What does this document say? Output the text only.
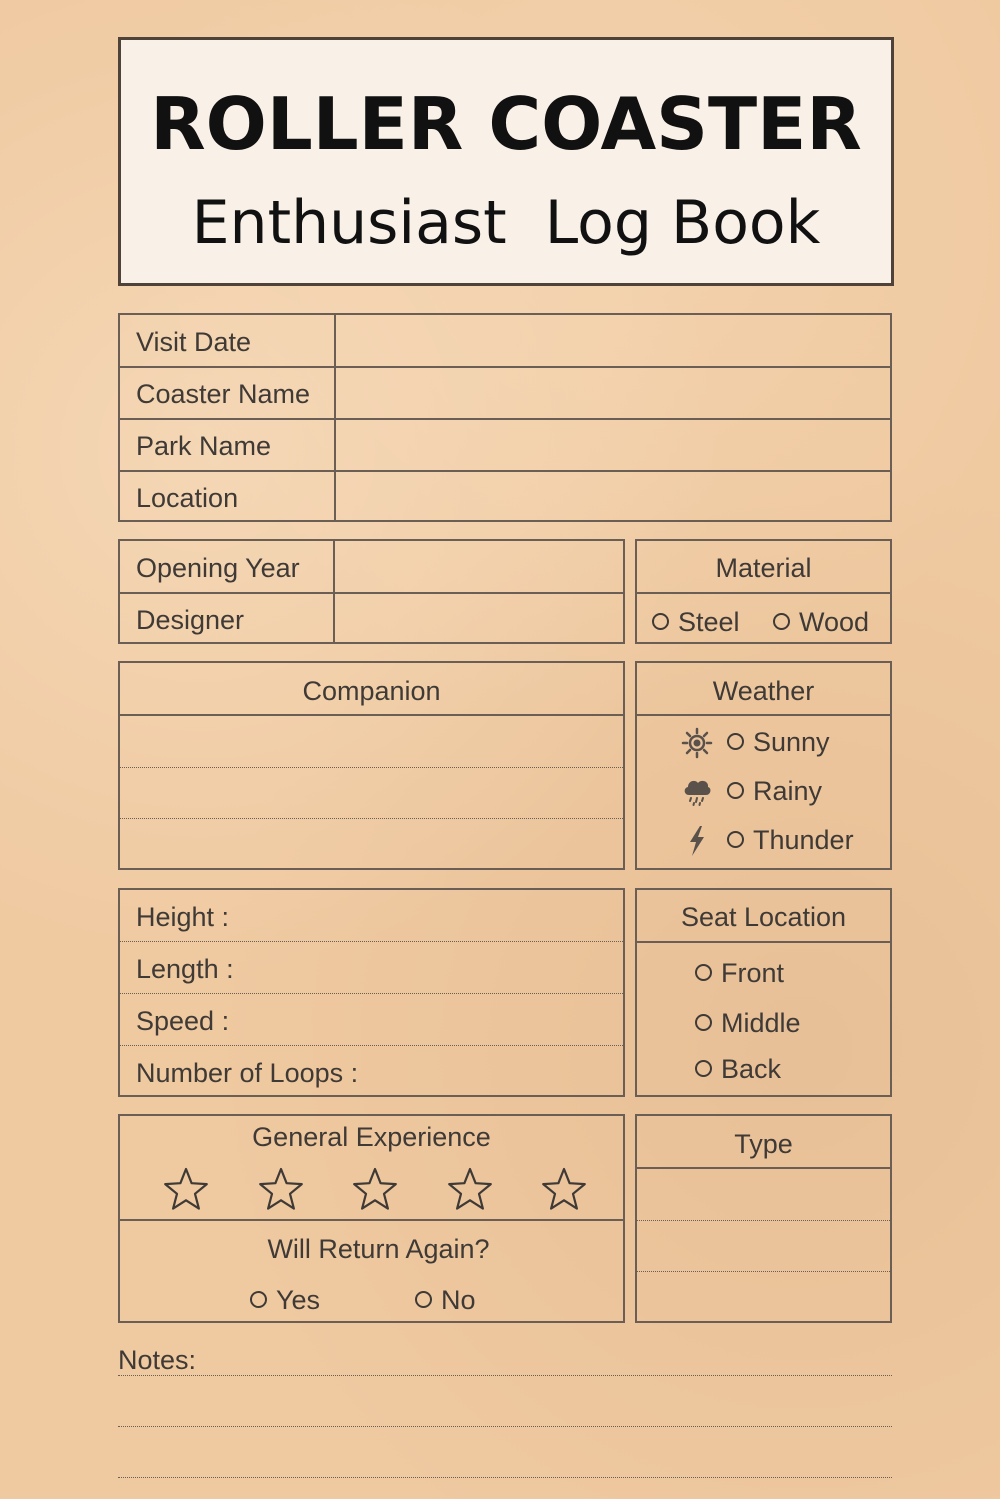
ROLLER COASTER
Enthusiast  Log Book
Visit Date
Coaster Name
Park Name
Location
Opening Year
Designer
Material
Steel	Wood
Companion	Weather
Sunny
Rainy
Thunder
Height :
Length :
Speed :
Number of Loops :
Seat Location
Front
Middle
Back
General Experience
Will Return Again?
Yes	No
Type
Notes:
